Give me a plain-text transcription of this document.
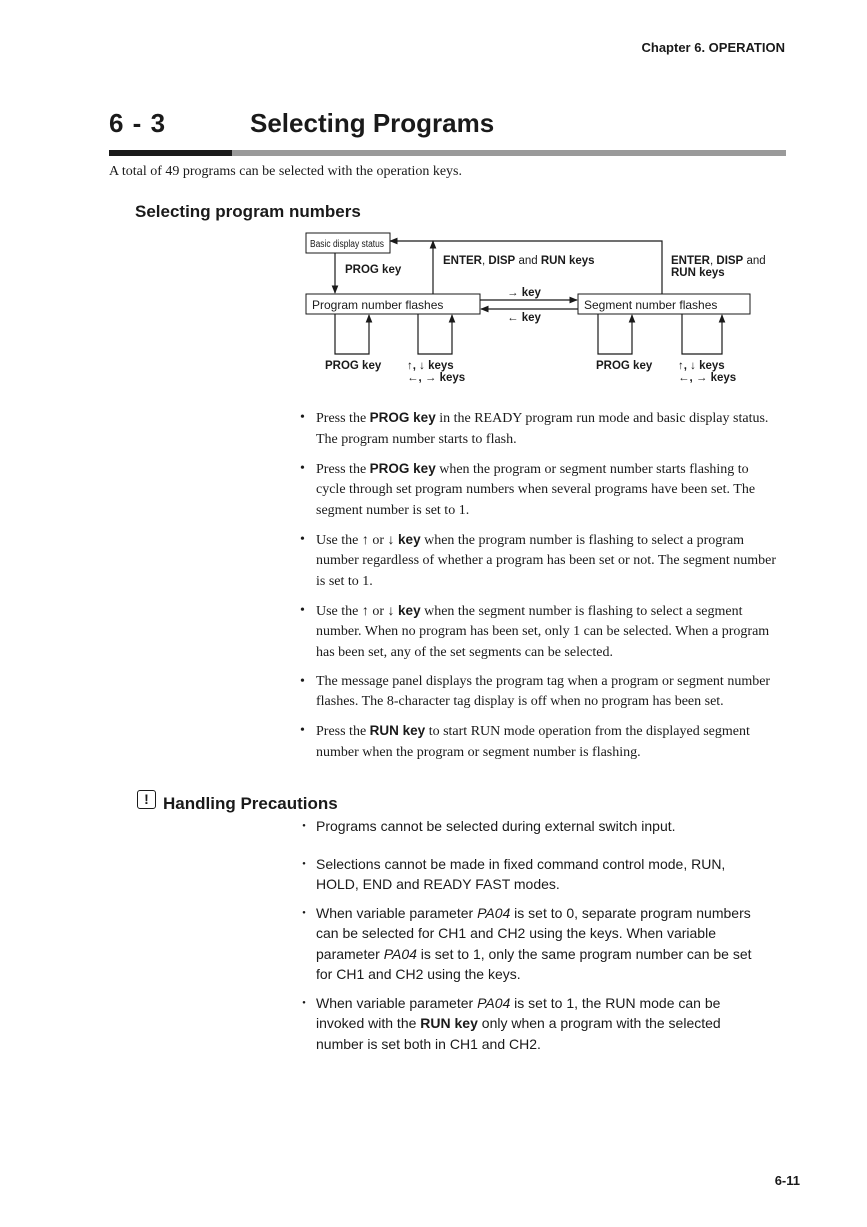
Chapter 6. OPERATION
6 - 3	Selecting Programs
A total of 49 programs can be selected with the operation keys.
Selecting program numbers
Basic display status
Program number flashes	Segment number flashes
PROG key
ENTER, DISP and RUN keys	ENTER, DISP and
RUN keys
→ key
← key
PROG key ↑, ↓ keys
←, → keys
PROG key ↑, ↓ keys
←, → keys
• Press the PROG key in the READY program run mode and basic display status. The program number starts to flash.
• Press the PROG key when the program or segment number starts flashing to cycle through set program numbers when several programs have been set. The segment number is set to 1.
• Use the ↑ or ↓ key when the program number is flashing to select a program number regardless of whether a program has been set or not. The segment number is set to 1.
• Use the ↑ or ↓ key when the segment number is flashing to select a segment number. When no program has been set, only 1 can be selected. When a program has been set, any of the set segments can be selected.
• The message panel displays the program tag when a program or segment number flashes. The 8-character tag display is off when no program has been set.
• Press the RUN key to start RUN mode operation from the displayed segment number when the program or segment number is flashing.
! Handling Precautions
・ Programs cannot be selected during external switch input.
・ Selections cannot be made in fixed command control mode, RUN, HOLD, END and READY FAST modes.
・ When variable parameter PA04 is set to 0, separate program numbers can be selected for CH1 and CH2 using the keys. When variable parameter PA04 is set to 1, only the same program number can be set for CH1 and CH2 using the keys.
・ When variable parameter PA04 is set to 1, the RUN mode can be invoked with the RUN key only when a program with the selected number is set both in CH1 and CH2.
6-11
